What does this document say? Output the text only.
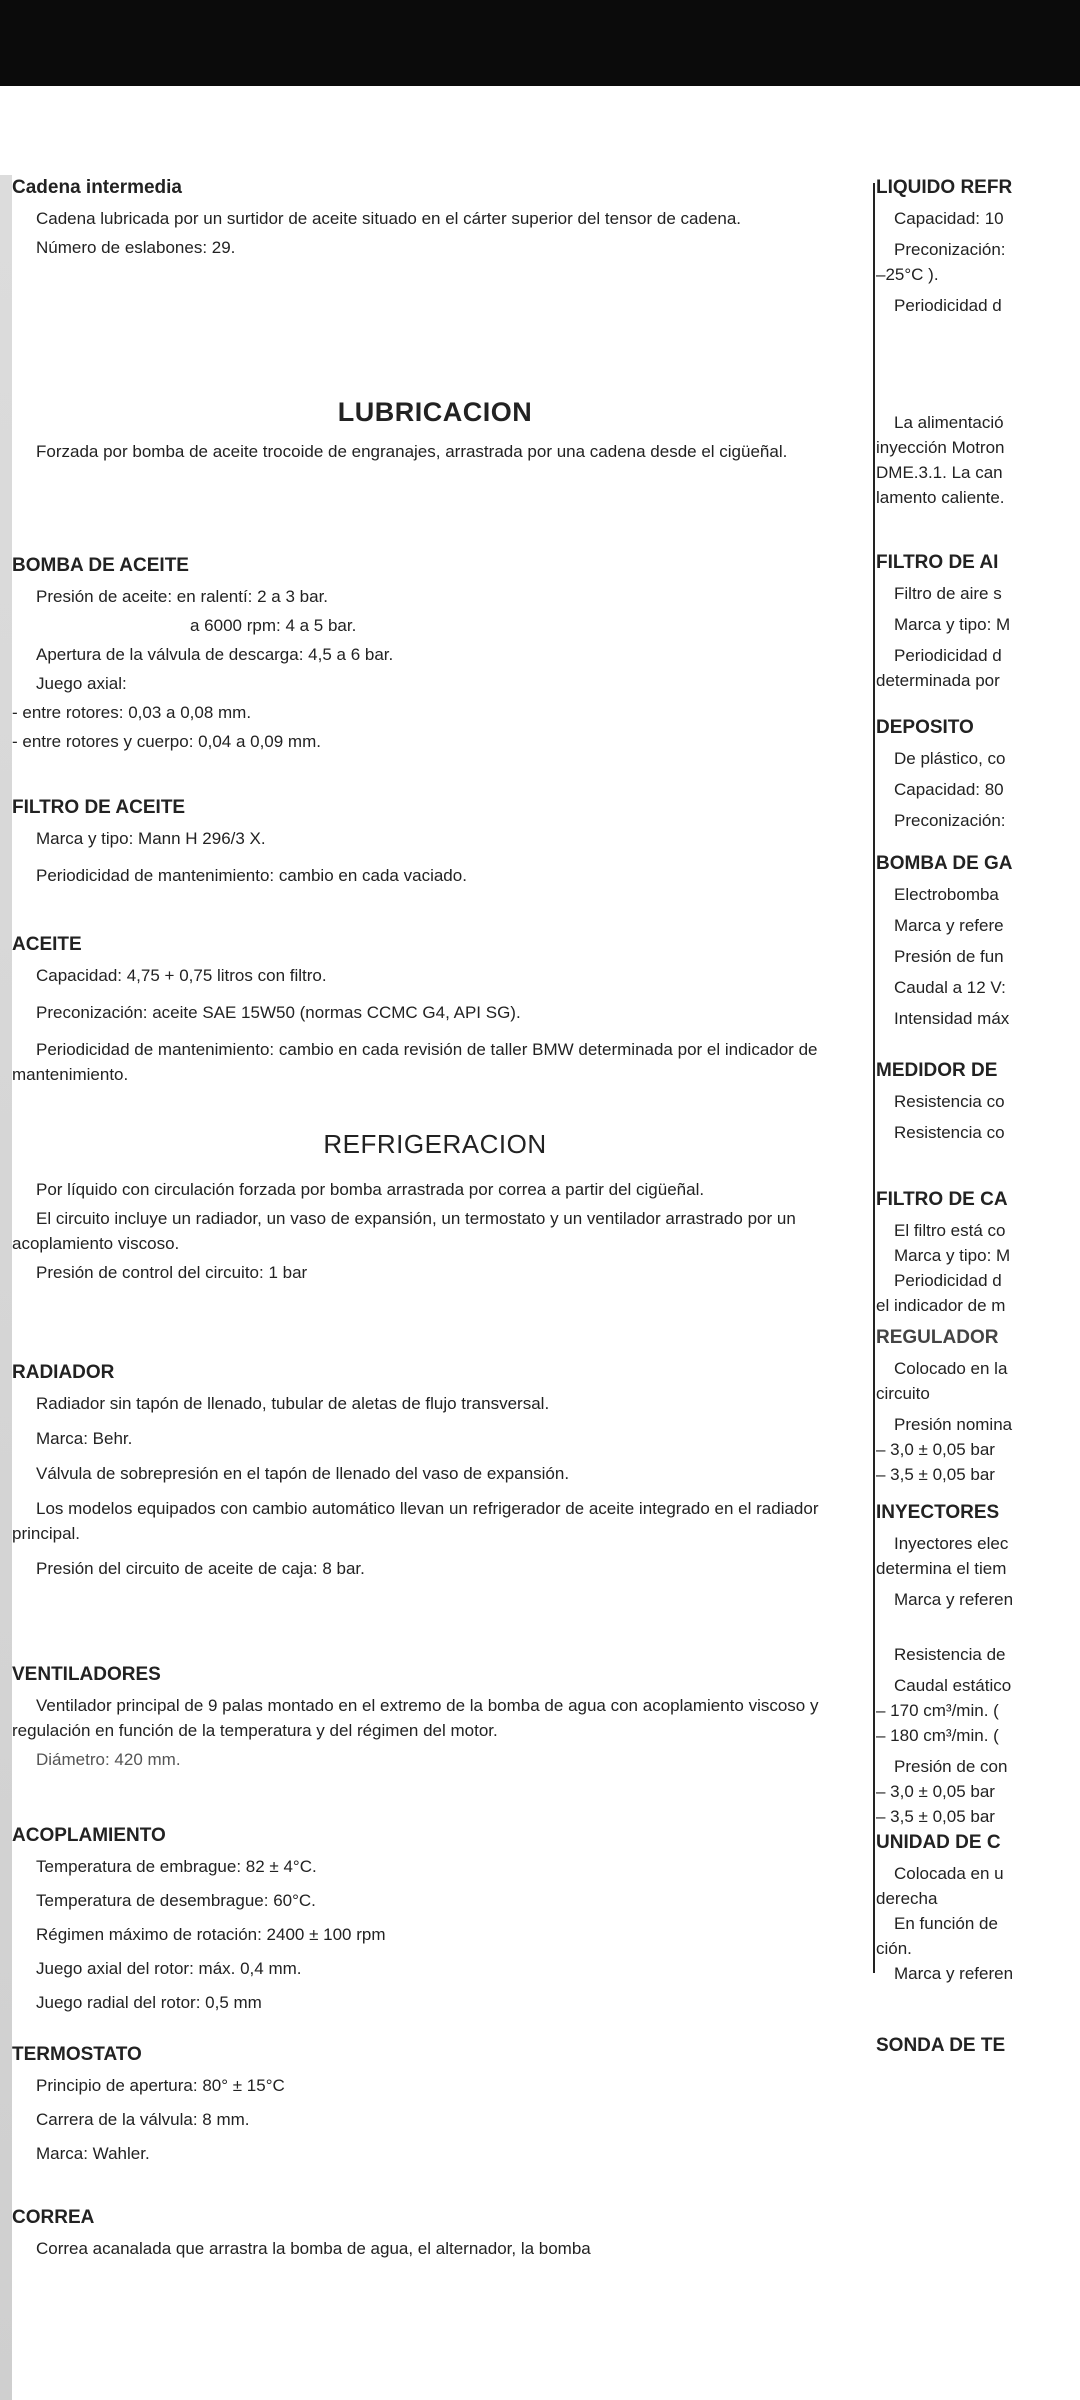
Cadena intermedia
Cadena lubricada por un surtidor de aceite situado en el cárter superior del tensor de cadena.
Número de eslabones: 29.
LUBRICACION
Forzada por bomba de aceite trocoide de engranajes, arrastrada por una cadena desde el cigüeñal.
BOMBA DE ACEITE
Presión de aceite: en ralentí: 2 a 3 bar.
a 6000 rpm: 4 a 5 bar.
Apertura de la válvula de descarga: 4,5 a 6 bar.
Juego axial:
- entre rotores: 0,03 a 0,08 mm.
- entre rotores y cuerpo: 0,04 a 0,09 mm.
FILTRO DE ACEITE
Marca y tipo: Mann H 296/3 X.
Periodicidad de mantenimiento: cambio en cada vaciado.
ACEITE
Capacidad: 4,75 + 0,75 litros con filtro.
Preconización: aceite SAE 15W50 (normas CCMC G4, API SG).
Periodicidad de mantenimiento: cambio en cada revisión de taller BMW determinada por el indicador de mantenimiento.
REFRIGERACION
Por líquido con circulación forzada por bomba arrastrada por correa a partir del cigüeñal.
El circuito incluye un radiador, un vaso de expansión, un termostato y un ventilador arrastrado por un acoplamiento viscoso.
Presión de control del circuito: 1 bar
RADIADOR
Radiador sin tapón de llenado, tubular de aletas de flujo transversal.
Marca: Behr.
Válvula de sobrepresión en el tapón de llenado del vaso de expansión.
Los modelos equipados con cambio automático llevan un refrigerador de aceite integrado en el radiador principal.
Presión del circuito de aceite de caja: 8 bar.
VENTILADORES
Ventilador principal de 9 palas montado en el extremo de la bomba de agua con acoplamiento viscoso y regulación en función de la temperatura y del régimen del motor.
Diámetro: 420 mm.
ACOPLAMIENTO
Temperatura de embrague: 82 ± 4°C.
Temperatura de desembrague: 60°C.
Régimen máximo de rotación: 2400 ± 100 rpm
Juego axial del rotor: máx. 0,4 mm.
Juego radial del rotor: 0,5 mm
TERMOSTATO
Principio de apertura: 80° ± 15°C
Carrera de la válvula: 8 mm.
Marca: Wahler.
CORREA
Correa acanalada que arrastra la bomba de agua, el alternador, la bomba
LIQUIDO REFR
Capacidad: 10
Preconización:
–25°C ).
Periodicidad d
La alimentació
inyección Motron
DME.3.1. La can
lamento caliente.
FILTRO DE AI
Filtro de aire s
Marca y tipo: M
Periodicidad d
determinada por
DEPOSITO
De plástico, co
Capacidad: 80
Preconización:
BOMBA DE GA
Electrobomba
Marca y refere
Presión de fun
Caudal a 12 V:
Intensidad máx
MEDIDOR DE
Resistencia co
Resistencia co
FILTRO DE CA
El filtro está co
Marca y tipo: M
Periodicidad d
el indicador de m
REGULADOR
Colocado en la
circuito
Presión nomina
– 3,0 ± 0,05 bar
– 3,5 ± 0,05 bar
INYECTORES
Inyectores elec
determina el tiem
Marca y referen
Resistencia de
Caudal estático
– 170 cm³/min. (
– 180 cm³/min. (
Presión de con
– 3,0 ± 0,05 bar
– 3,5 ± 0,05 bar
UNIDAD DE C
Colocada en u
derecha
En función de
ción.
Marca y referen
SONDA DE TE
